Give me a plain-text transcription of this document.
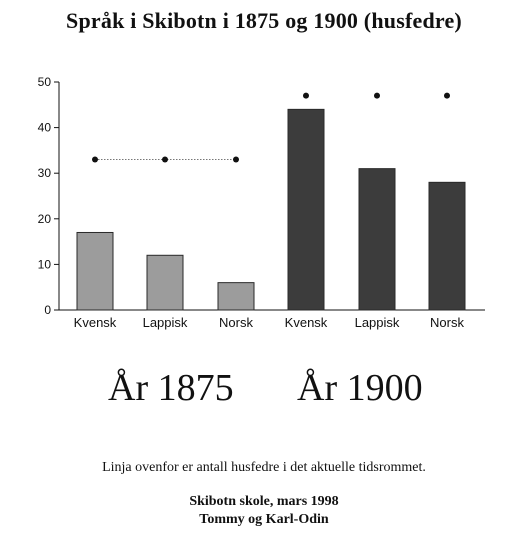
Språk i Skibotn i 1875 og 1900 (husfedre)
0
10
20
30
40
50
Kvensk Lappisk Norsk Kvensk Lappisk Norsk
År 1875 År 1900
Linja ovenfor er antall husfedre i det aktuelle tidsrommet.
Skibotn skole, mars 1998
Tommy og Karl-Odin
